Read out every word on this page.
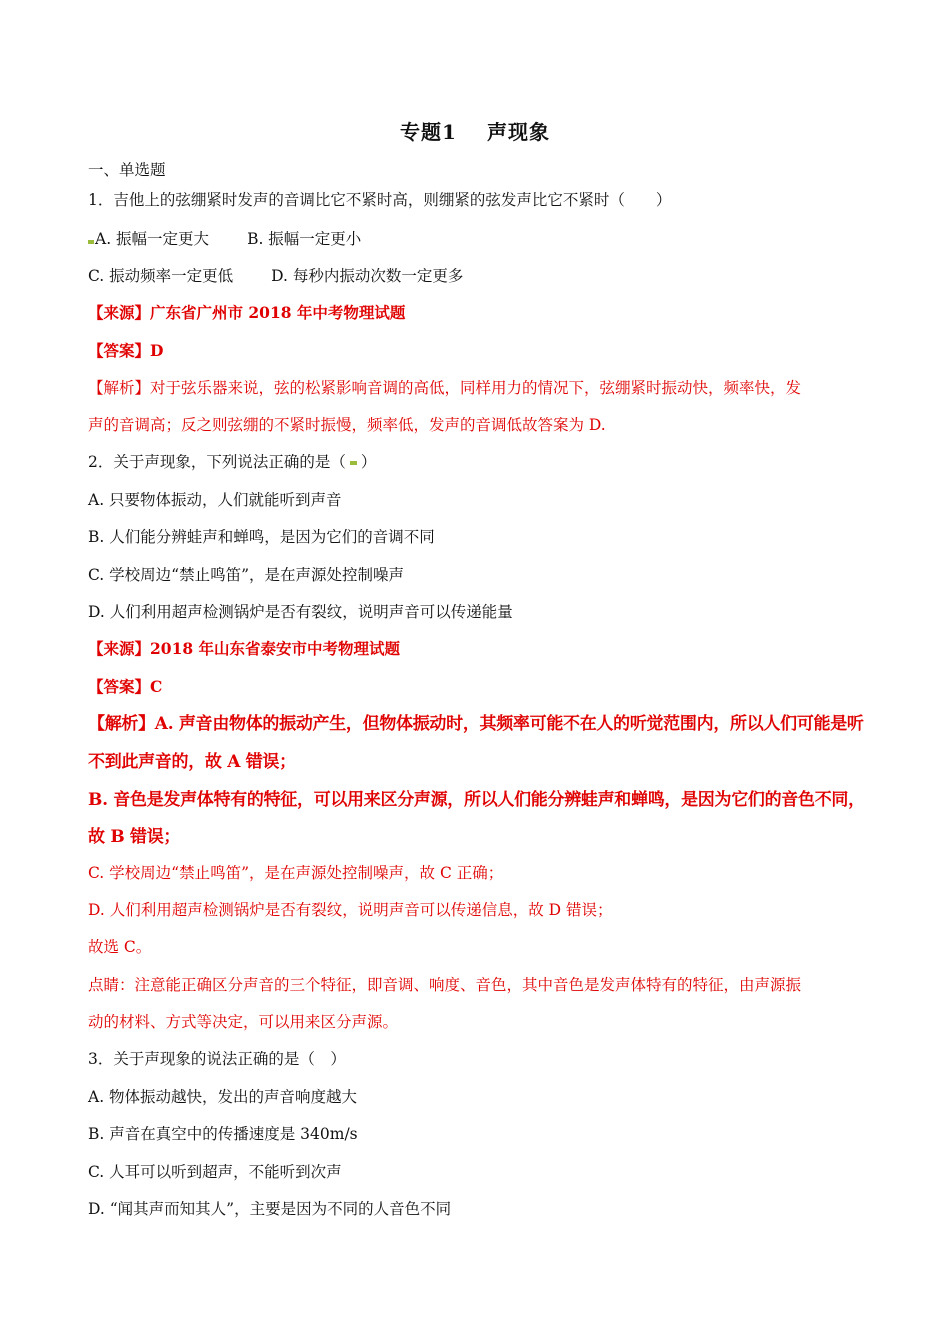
专题1 声现象
一、单选题
1．吉他上的弦绷紧时发声的音调比它不紧时高，则绷紧的弦发声比它不紧时（　　）
A. 振幅一定更大 B. 振幅一定更小
C. 振动频率一定更低 D. 每秒内振动次数一定更多
【来源】广东省广州市 2018 年中考物理试题
【答案】D
【解析】对于弦乐器来说，弦的松紧影响音调的高低，同样用力的情况下，弦绷紧时振动快，频率快，发
声的音调高；反之则弦绷的不紧时振慢，频率低，发声的音调低故答案为 D.
2．关于声现象，下列说法正确的是（ ）
A. 只要物体振动，人们就能听到声音
B. 人们能分辨蛙声和蝉鸣，是因为它们的音调不同
C. 学校周边“禁止鸣笛”，是在声源处控制噪声
D. 人们利用超声检测锅炉是否有裂纹，说明声音可以传递能量
【来源】2018 年山东省泰安市中考物理试题
【答案】C
【解析】A. 声音由物体的振动产生，但物体振动时，其频率可能不在人的听觉范围内，所以人们可能是听
不到此声音的，故 A 错误；
B. 音色是发声体特有的特征，可以用来区分声源，所以人们能分辨蛙声和蝉鸣，是因为它们的音色不同，
故 B 错误；
C. 学校周边“禁止鸣笛”，是在声源处控制噪声，故 C 正确；
D. 人们利用超声检测锅炉是否有裂纹，说明声音可以传递信息，故 D 错误；
故选 C。
点睛：注意能正确区分声音的三个特征，即音调、响度、音色，其中音色是发声体特有的特征，由声源振
动的材料、方式等决定，可以用来区分声源。
3．关于声现象的说法正确的是（　）
A. 物体振动越快，发出的声音响度越大
B. 声音在真空中的传播速度是 340m/s
C. 人耳可以听到超声，不能听到次声
D. “闻其声而知其人”，主要是因为不同的人音色不同
